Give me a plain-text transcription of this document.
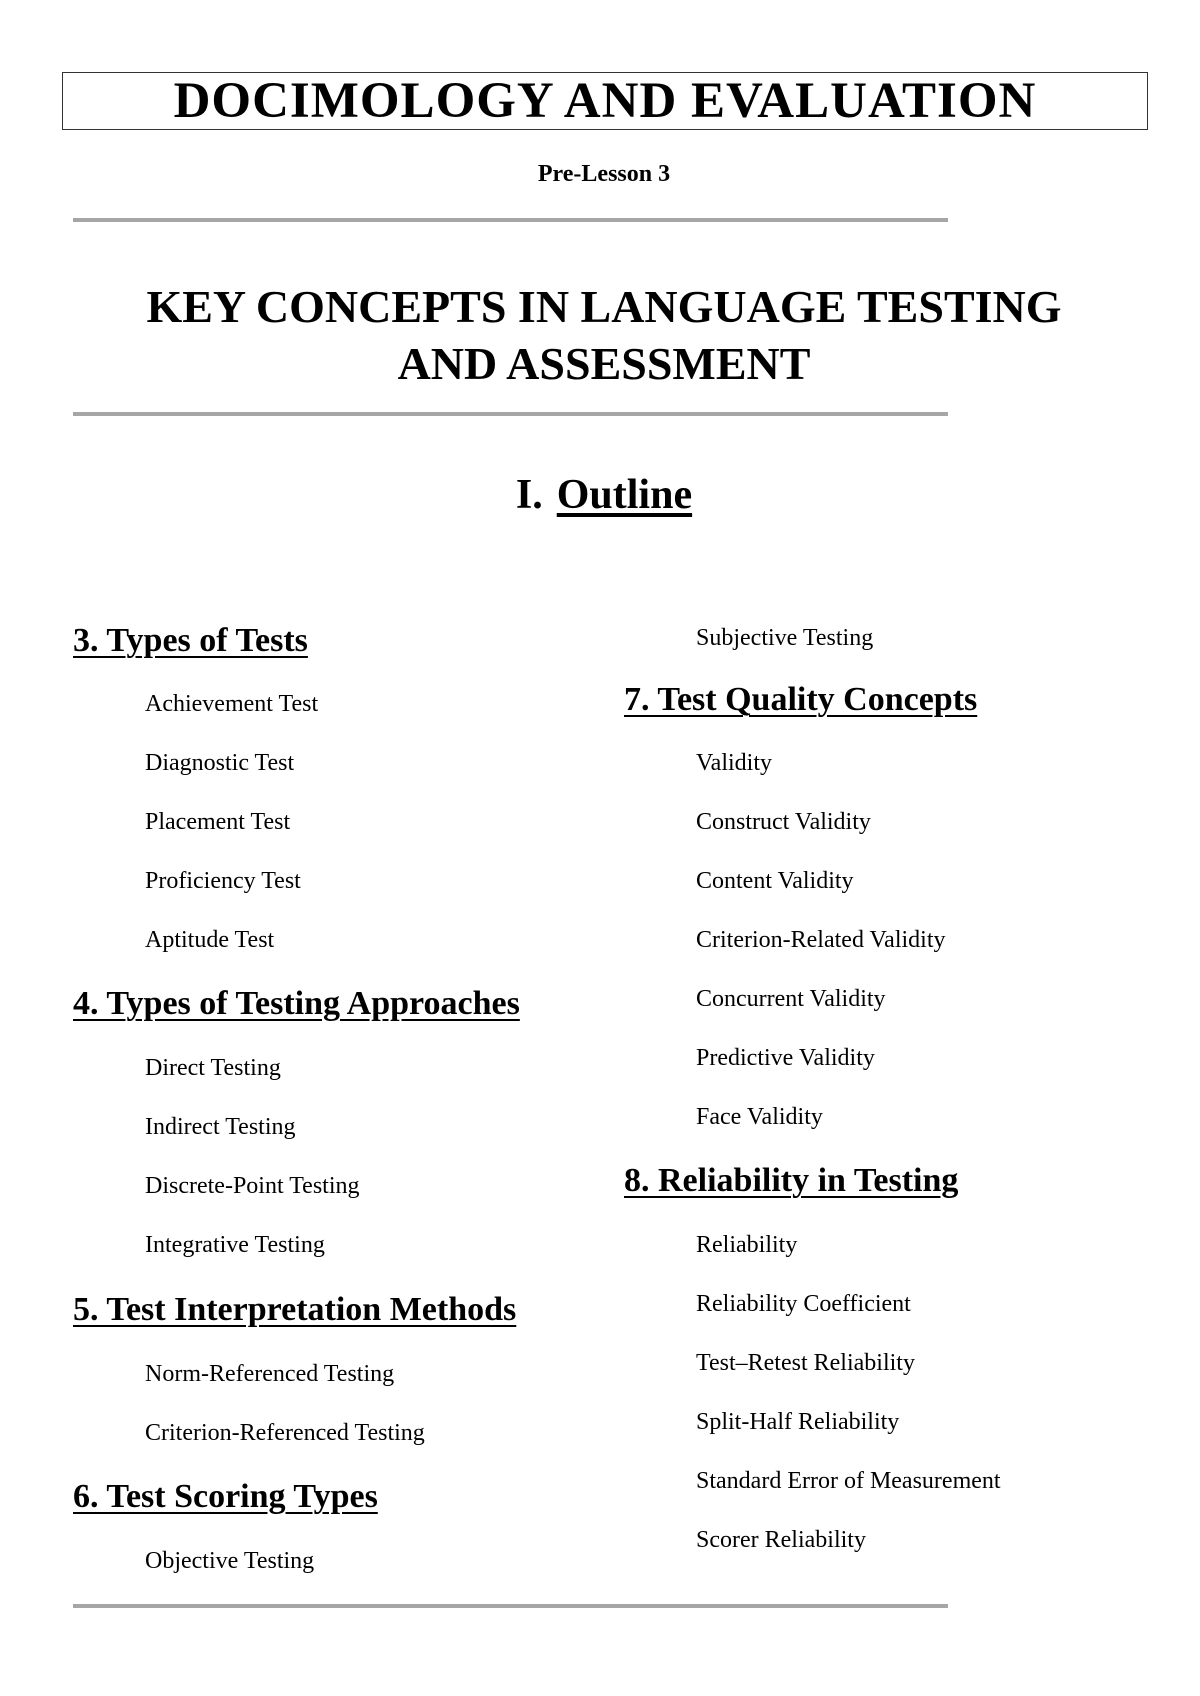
DOCIMOLOGY AND EVALUATION
Pre-Lesson 3
KEY CONCEPTS IN LANGUAGE TESTING
AND ASSESSMENT
I. Outline
3. Types of Tests
Achievement Test
Diagnostic Test
Placement Test
Proficiency Test
Aptitude Test
4. Types of Testing Approaches
Direct Testing
Indirect Testing
Discrete-Point Testing
Integrative Testing
5. Test Interpretation Methods
Norm-Referenced Testing
Criterion-Referenced Testing
6. Test Scoring Types
Objective Testing
Subjective Testing
7. Test Quality Concepts
Validity
Construct Validity
Content Validity
Criterion-Related Validity
Concurrent Validity
Predictive Validity
Face Validity
8. Reliability in Testing
Reliability
Reliability Coefficient
Test–Retest Reliability
Split-Half Reliability
Standard Error of Measurement
Scorer Reliability
